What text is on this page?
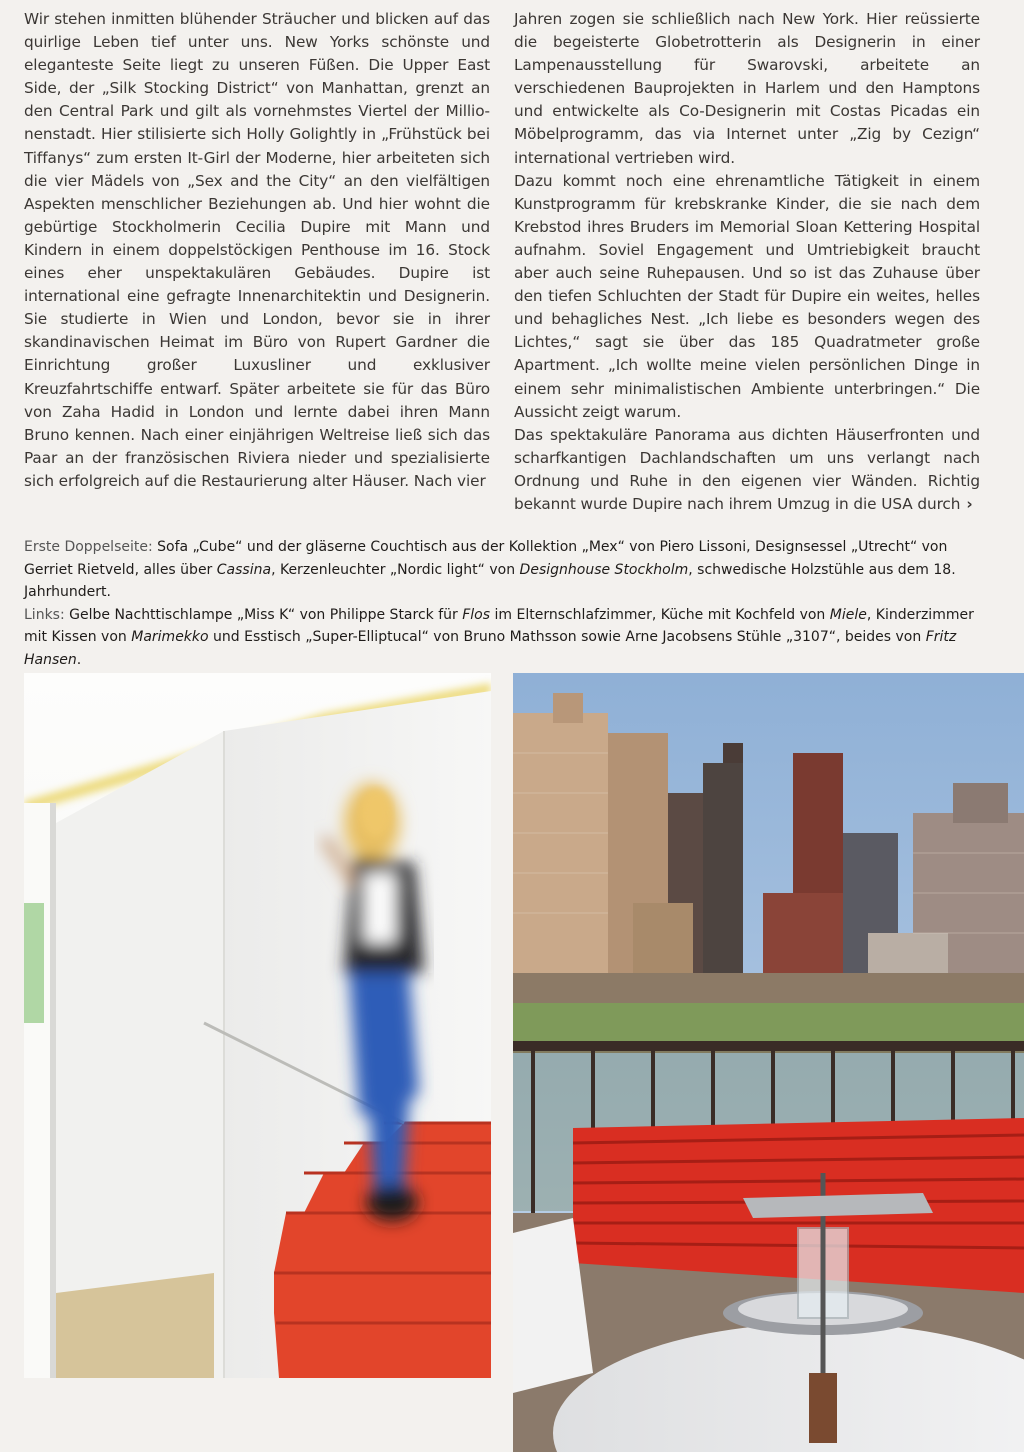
Wir stehen inmitten blühender Sträucher und blicken auf das quirlige Leben tief unter uns. New Yorks schönste und eleganteste Seite liegt zu unseren Füßen. Die Upper East Side, der „Silk Stocking District“ von Manhattan, grenzt an den Central Park und gilt als vornehmstes Viertel der Millionenstadt. Hier stilisierte sich Holly Golightly in „Frühstück bei Tiffanys“ zum ersten It-Girl der Moderne, hier arbeiteten sich die vier Mädels von „Sex and the City“ an den vielfältigen Aspekten menschlicher Beziehungen ab. Und hier wohnt die gebürtige Stockholmerin Cecilia Dupire mit Mann und Kindern in einem doppelstöckigen Penthouse im 16. Stock eines eher unspektakulären Gebäudes. Dupire ist international eine gefragte Innenarchitektin und Designerin. Sie studierte in Wien und London, bevor sie in ihrer skandinavischen Heimat im Büro von Rupert Gardner die Einrichtung großer Luxusliner und exklusiver Kreuzfahrtschiffe entwarf. Später arbeitete sie für das Büro von Zaha Hadid in London und lernte dabei ihren Mann Bruno kennen. Nach einer einjährigen Weltreise ließ sich das Paar an der französischen Riviera nieder und spezialisierte sich erfolgreich auf die Restaurierung alter Häuser. Nach vier

Jahren zogen sie schließlich nach New York. Hier reüssierte die begeisterte Globetrotterin als Designerin in einer Lampenausstellung für Swarovski, arbeitete an verschiedenen Bauprojekten in Harlem und den Hamptons und entwickelte als Co-Designerin mit Costas Picadas ein Möbelprogramm, das via Internet unter „Zig by Cezign“ international vertrieben wird.

Dazu kommt noch eine ehrenamtliche Tätigkeit in einem Kunstprogramm für krebskranke Kinder, die sie nach dem Krebstod ihres Bruders im Memorial Sloan Kettering Hospital aufnahm. Soviel Engagement und Umtriebigkeit braucht aber auch seine Ruhepausen. Und so ist das Zuhause über den tiefen Schluchten der Stadt für Dupire ein weites, helles und behagliches Nest. „Ich liebe es besonders wegen des Lichtes,“ sagt sie über das 185 Quadratmeter große Apartment. „Ich wollte meine vielen persönlichen Dinge in einem sehr minimalistischen Ambiente unterbringen.“ Die Aussicht zeigt warum.

Das spektakuläre Panorama aus dichten Häuserfronten und scharfkantigen Dachlandschaften um uns verlangt nach Ordnung und Ruhe in den eigenen vier Wänden. Richtig bekannt wurde Dupire nach ihrem Umzug in die USA durch ›

Erste Doppelseite: Sofa „Cube“ und der gläserne Couchtisch aus der Kollektion „Mex“ von Piero Lissoni, Designsessel „Utrecht“ von Gerriet Rietveld, alles über Cassina, Kerzenleuchter „Nordic light“ von Designhouse Stockholm, schwedische Holzstühle aus dem 18. Jahrhundert.
Links: Gelbe Nachttischlampe „Miss K“ von Philippe Starck für Flos im Elternschlafzimmer, Küche mit Kochfeld von Miele, Kinderzimmer mit Kissen von Marimekko und Esstisch „Super-Elliptucal“ von Bruno Mathsson sowie Arne Jacobsens Stühle „3107“, beides von Fritz Hansen.
